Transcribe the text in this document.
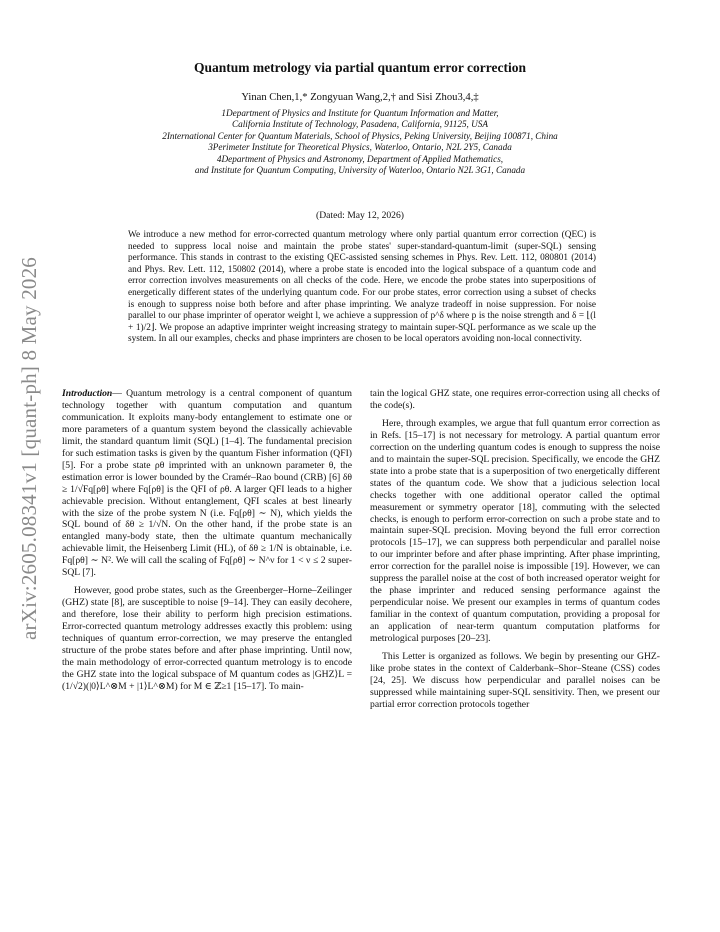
arXiv:2605.08341v1 [quant-ph] 8 May 2026
Quantum metrology via partial quantum error correction
Yinan Chen,1,* Zongyuan Wang,2,† and Sisi Zhou3,4,‡
1Department of Physics and Institute for Quantum Information and Matter,
California Institute of Technology, Pasadena, California, 91125, USA
2International Center for Quantum Materials, School of Physics, Peking University, Beijing 100871, China
3Perimeter Institute for Theoretical Physics, Waterloo, Ontario, N2L 2Y5, Canada
4Department of Physics and Astronomy, Department of Applied Mathematics,
and Institute for Quantum Computing, University of Waterloo, Ontario N2L 3G1, Canada
(Dated: May 12, 2026)
We introduce a new method for error-corrected quantum metrology where only partial quantum error correction (QEC) is needed to suppress local noise and maintain the probe states' super-standard-quantum-limit (super-SQL) sensing performance. This stands in contrast to the existing QEC-assisted sensing schemes in Phys. Rev. Lett. 112, 080801 (2014) and Phys. Rev. Lett. 112, 150802 (2014), where a probe state is encoded into the logical subspace of a quantum code and error correction involves measurements on all checks of the code. Here, we encode the probe states into superpositions of energetically different states of the underlying quantum code. For our probe states, error correction using a subset of checks is enough to suppress noise both before and after phase imprinting. We analyze tradeoff in noise suppression. For noise parallel to our phase imprinter of operator weight l, we achieve a suppression of p^δ where p is the noise strength and δ = ⌊(l + 1)/2⌋. We propose an adaptive imprinter weight increasing strategy to maintain super-SQL performance as we scale up the system. In all our examples, checks and phase imprinters are chosen to be local operators avoiding non-local connectivity.

Introduction— Quantum metrology is a central component of quantum technology together with quantum computation and quantum communication. It exploits many-body entanglement to estimate one or more parameters of a quantum system beyond the classically achievable limit, the standard quantum limit (SQL) [1–4]. The fundamental precision for such estimation tasks is given by the quantum Fisher information (QFI) [5]. For a probe state ρθ imprinted with an unknown parameter θ, the estimation error is lower bounded by the Cramér–Rao bound (CRB) [6] δθ ≥ 1/√Fq[ρθ] where Fq[ρθ] is the QFI of ρθ. A larger QFI leads to a higher achievable precision. Without entanglement, QFI scales at best linearly with the size of the probe system N (i.e. Fq[ρθ] ∼ N), which yields the SQL bound of δθ ≥ 1/√N. On the other hand, if the probe state is an entangled many-body state, then the ultimate quantum mechanically achievable limit, the Heisenberg Limit (HL), of δθ ≥ 1/N is obtainable, i.e. Fq[ρθ] ∼ N². We will call the scaling of Fq[ρθ] ∼ N^ν for 1 < ν ≤ 2 super-SQL [7].

However, good probe states, such as the Greenberger–Horne–Zeilinger (GHZ) state [8], are susceptible to noise [9–14]. They can easily decohere, and therefore, lose their ability to perform high precision estimations. Error-corrected quantum metrology addresses exactly this problem: using techniques of quantum error-correction, we may preserve the entangled structure of the probe states before and after phase imprinting. Until now, the main methodology of error-corrected quantum metrology is to encode the GHZ state into the logical subspace of M quantum codes as |GHZ⟩L = (1/√2)(|0⟩L^⊗M + |1⟩L^⊗M) for M ∈ ℤ≥1 [15–17]. To main-

tain the logical GHZ state, one requires error-correction using all checks of the code(s).

Here, through examples, we argue that full quantum error correction as in Refs. [15–17] is not necessary for metrology. A partial quantum error correction on the underling quantum codes is enough to suppress the noise and to maintain the super-SQL precision. Specifically, we encode the GHZ state into a probe state that is a superposition of two energetically different states of the quantum code. We show that a judicious selection local checks together with one additional operator called the optimal measurement or symmetry operator [18], commuting with the selected checks, is enough to perform error-correction on such a probe state and to maintain super-SQL precision. Moving beyond the full error correction protocols [15–17], we can suppress both perpendicular and parallel noise to our imprinter before and after phase imprinting. After phase imprinting, error correction for the parallel noise is impossible [19]. However, we can suppress the parallel noise at the cost of both increased operator weight for the phase imprinter and reduced sensing performance against the perpendicular noise. We present our examples in terms of quantum codes familiar in the context of quantum computation, providing a proposal for an application of near-term quantum computation platforms for metrological purposes [20–23].

This Letter is organized as follows. We begin by presenting our GHZ-like probe states in the context of Calderbank–Shor–Steane (CSS) codes [24, 25]. We discuss how perpendicular and parallel noises can be suppressed while maintaining super-SQL sensitivity. Then, we present our partial error correction protocols together
